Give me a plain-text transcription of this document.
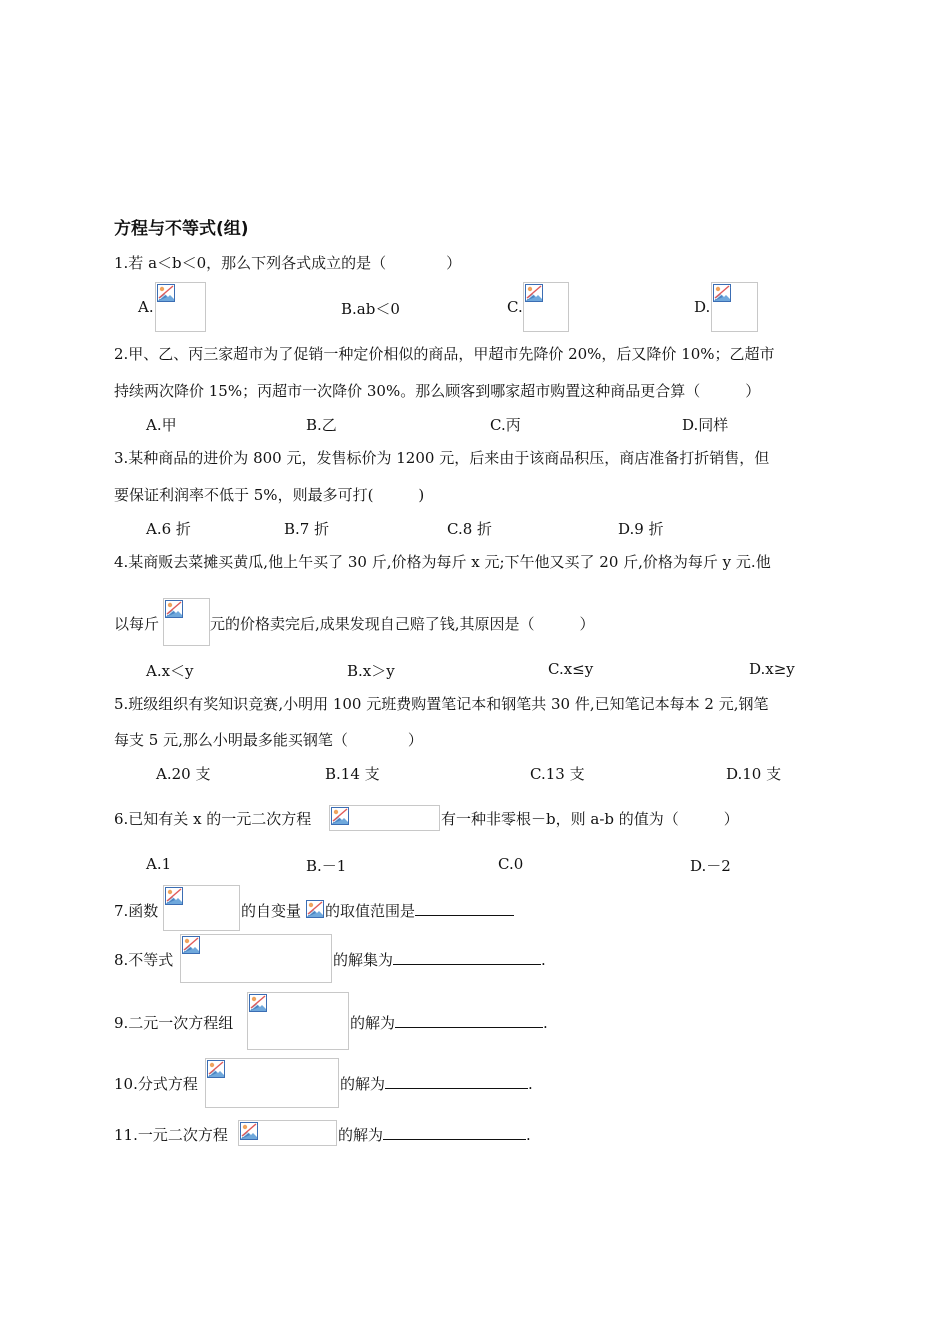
方程与不等式(组)
1.若 a＜b＜0，那么下列各式成立的是（　　　　）
A.	B.ab＜0	C.	D.
2.甲、乙、丙三家超市为了促销一种定价相似的商品，甲超市先降价 20%，后又降价 10%；乙超市
持续两次降价 15%；丙超市一次降价 30%。那么顾客到哪家超市购置这种商品更合算（　　　）
A.甲	B.乙	C.丙	D.同样
3.某种商品的进价为 800 元，发售标价为 1200 元，后来由于该商品积压，商店准备打折销售，但
要保证利润率不低于 5%，则最多可打(　　　)
A.6 折	B.7 折	C.8 折	D.9 折
4.某商贩去菜摊买黄瓜,他上午买了 30 斤,价格为每斤 x 元;下午他又买了 20 斤,价格为每斤 y 元.他
以每斤	元的价格卖完后,成果发现自己赔了钱,其原因是（　　　）
A.x＜y	B.x＞y	C.x≤y	D.x≥y
5.班级组织有奖知识竞赛,小明用 100 元班费购置笔记本和钢笔共 30 件,已知笔记本每本 2 元,钢笔
每支 5 元,那么小明最多能买钢笔（　　　　）
A.20 支	B.14 支	C.13 支	D.10 支
6.已知有关 x 的一元二次方程	有一种非零根－b，则 a-b 的值为（　　　）
A.1	B.－1	C.0	D.－2
7.函数	的自变量 的取值范围是
8.不等式	的解集为	.
9.二元一次方程组	的解为	.
10.分式方程	的解为	.
11.一元二次方程	的解为	.
